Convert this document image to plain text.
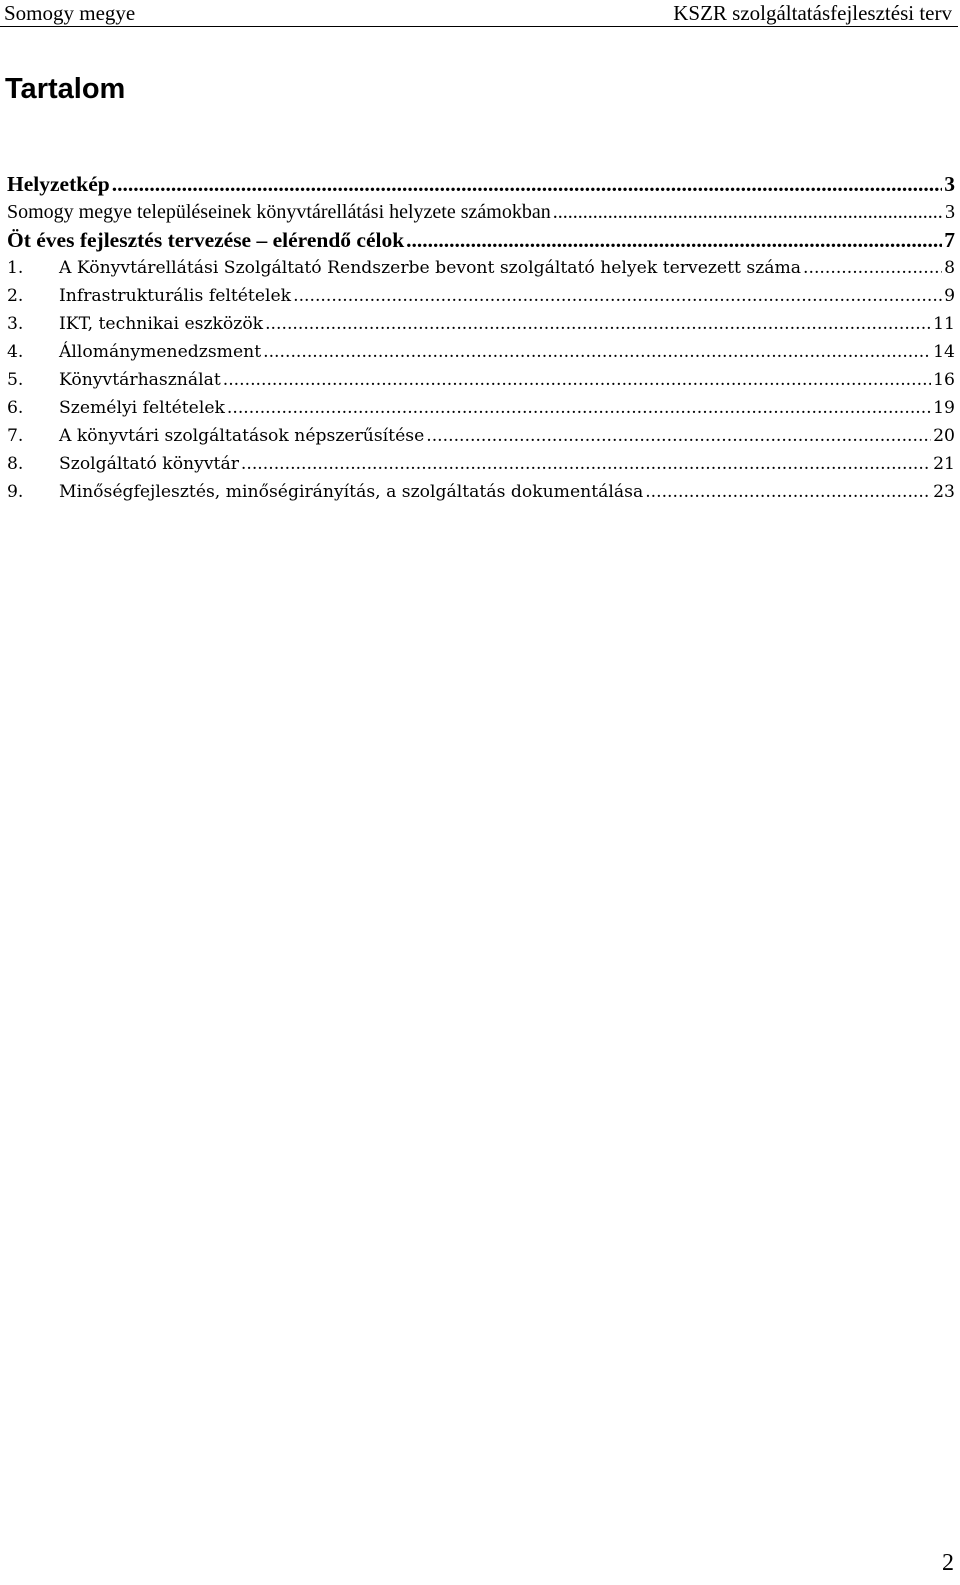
Somogy megye	KSZR szolgáltatásfejlesztési terv
Tartalom
Helyzetkép .....	3
Somogy megye településeinek könyvtárellátási helyzete számokban .....	3
Öt éves fejlesztés tervezése – elérendő célok .....	7
1. A Könyvtárellátási Szolgáltató Rendszerbe bevont szolgáltató helyek tervezett száma .....	8
2. Infrastrukturális feltételek .....	9
3. IKT, technikai eszközök .....	11
4. Állománymenedzsment .....	14
5. Könyvtárhasználat .....	16
6. Személyi feltételek .....	19
7. A könyvtári szolgáltatások népszerűsítése .....	20
8. Szolgáltató könyvtár .....	21
9. Minőségfejlesztés, minőségirányítás, a szolgáltatás dokumentálása .....	23
2
